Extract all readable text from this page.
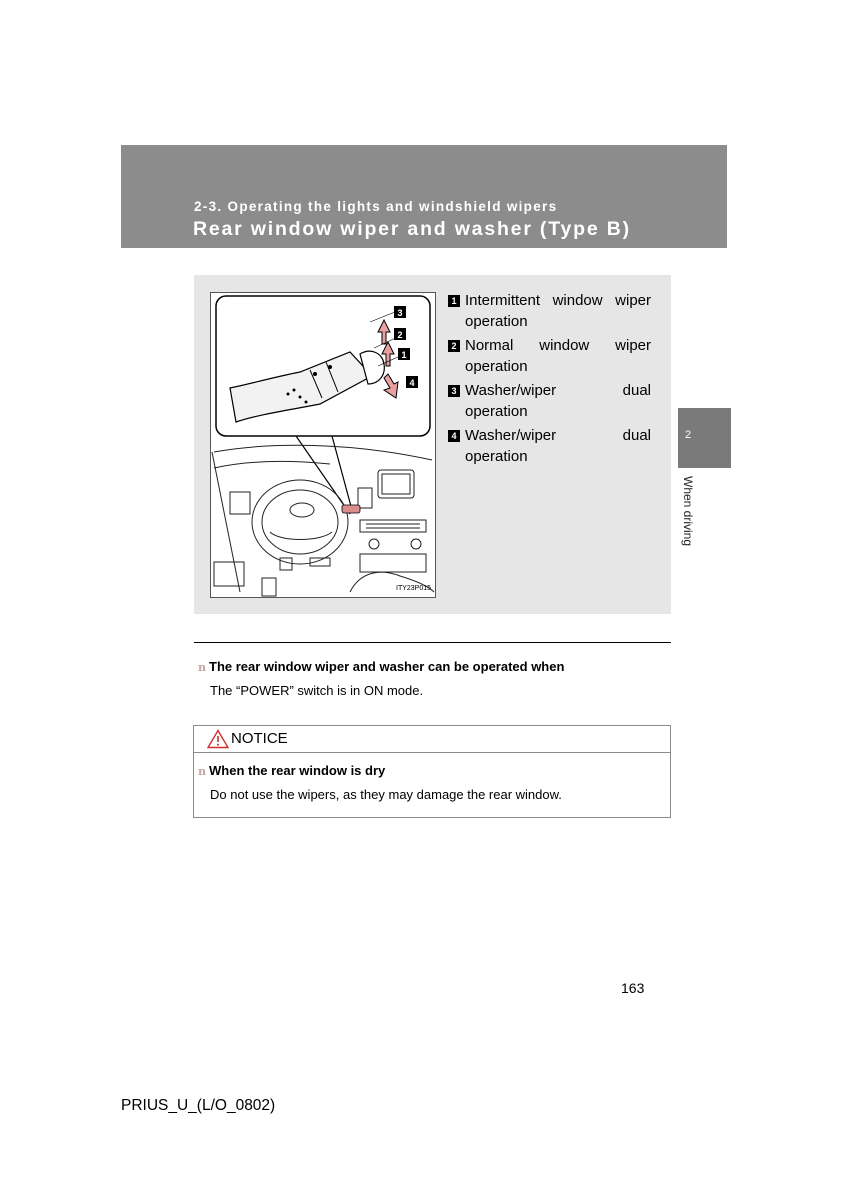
2-3. Operating the lights and windshield wipers
Rear window wiper and washer (Type B)
2
When driving
3
2
1
4
ITY23P015
1 Intermittent window wiper operation
2 Normal window wiper operation
3 Washer/wiper dual operation
4 Washer/wiper dual operation
n The rear window wiper and washer can be operated when
The “POWER” switch is in ON mode.
NOTICE
n When the rear window is dry
Do not use the wipers, as they may damage the rear window.
163
PRIUS_U_(L/O_0802)
